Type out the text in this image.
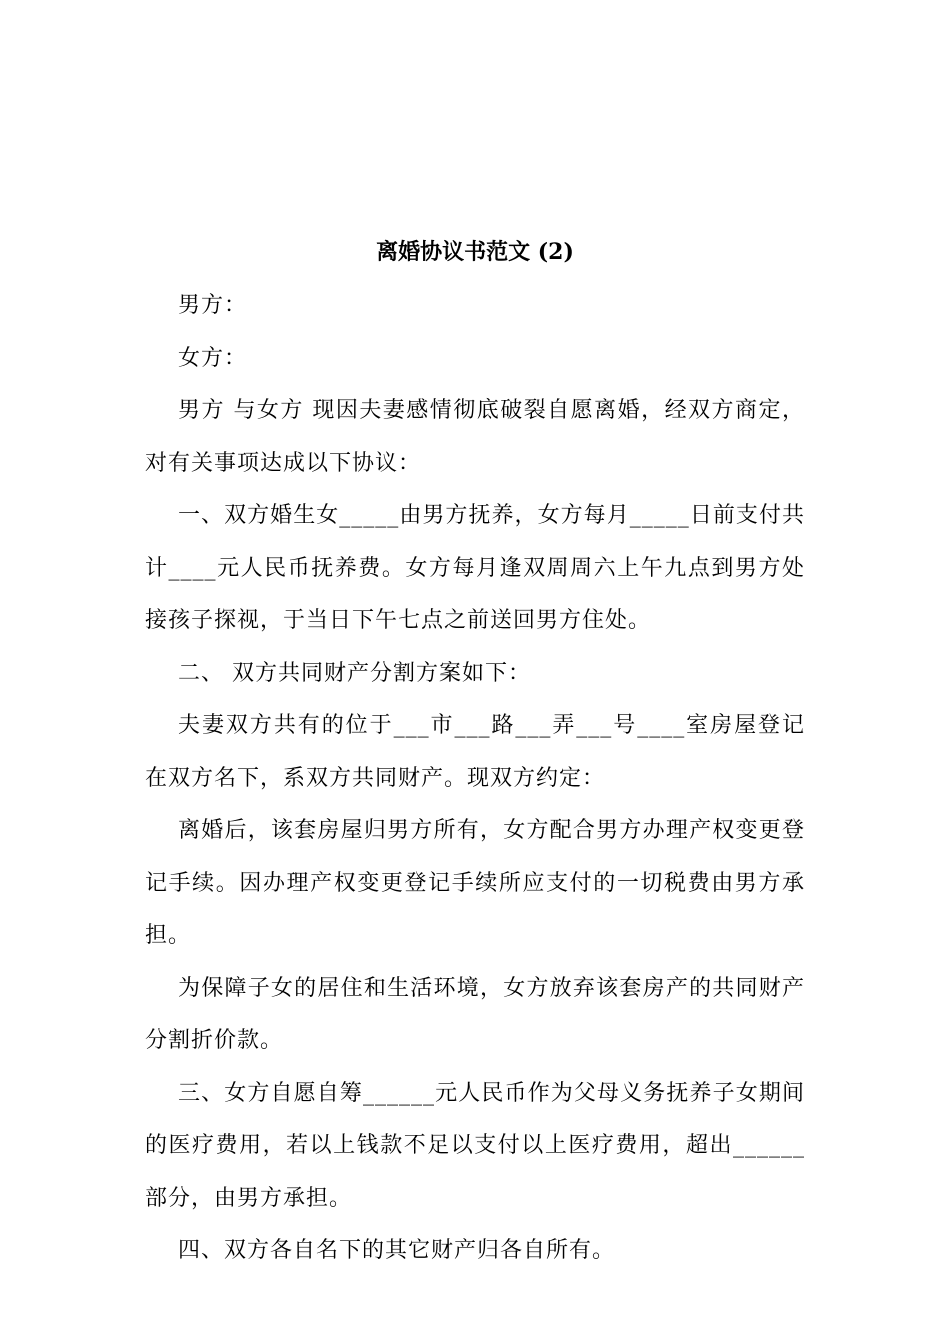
离婚协议书范文 (2)

男方：

女方：

男方 与女方 现因夫妻感情彻底破裂自愿离婚，经双方商定，对有关事项达成以下协议：

一、双方婚生女_____由男方抚养，女方每月_____日前支付共计____元人民币抚养费。女方每月逢双周周六上午九点到男方处接孩子探视，于当日下午七点之前送回男方住处。

二、 双方共同财产分割方案如下：

夫妻双方共有的位于___市___路___弄___号____室房屋登记在双方名下，系双方共同财产。现双方约定：

离婚后，该套房屋归男方所有，女方配合男方办理产权变更登记手续。因办理产权变更登记手续所应支付的一切税费由男方承担。

为保障子女的居住和生活环境，女方放弃该套房产的共同财产分割折价款。

三、女方自愿自筹______元人民币作为父母义务抚养子女期间的医疗费用，若以上钱款不足以支付以上医疗费用，超出______部分，由男方承担。

四、双方各自名下的其它财产归各自所有。
